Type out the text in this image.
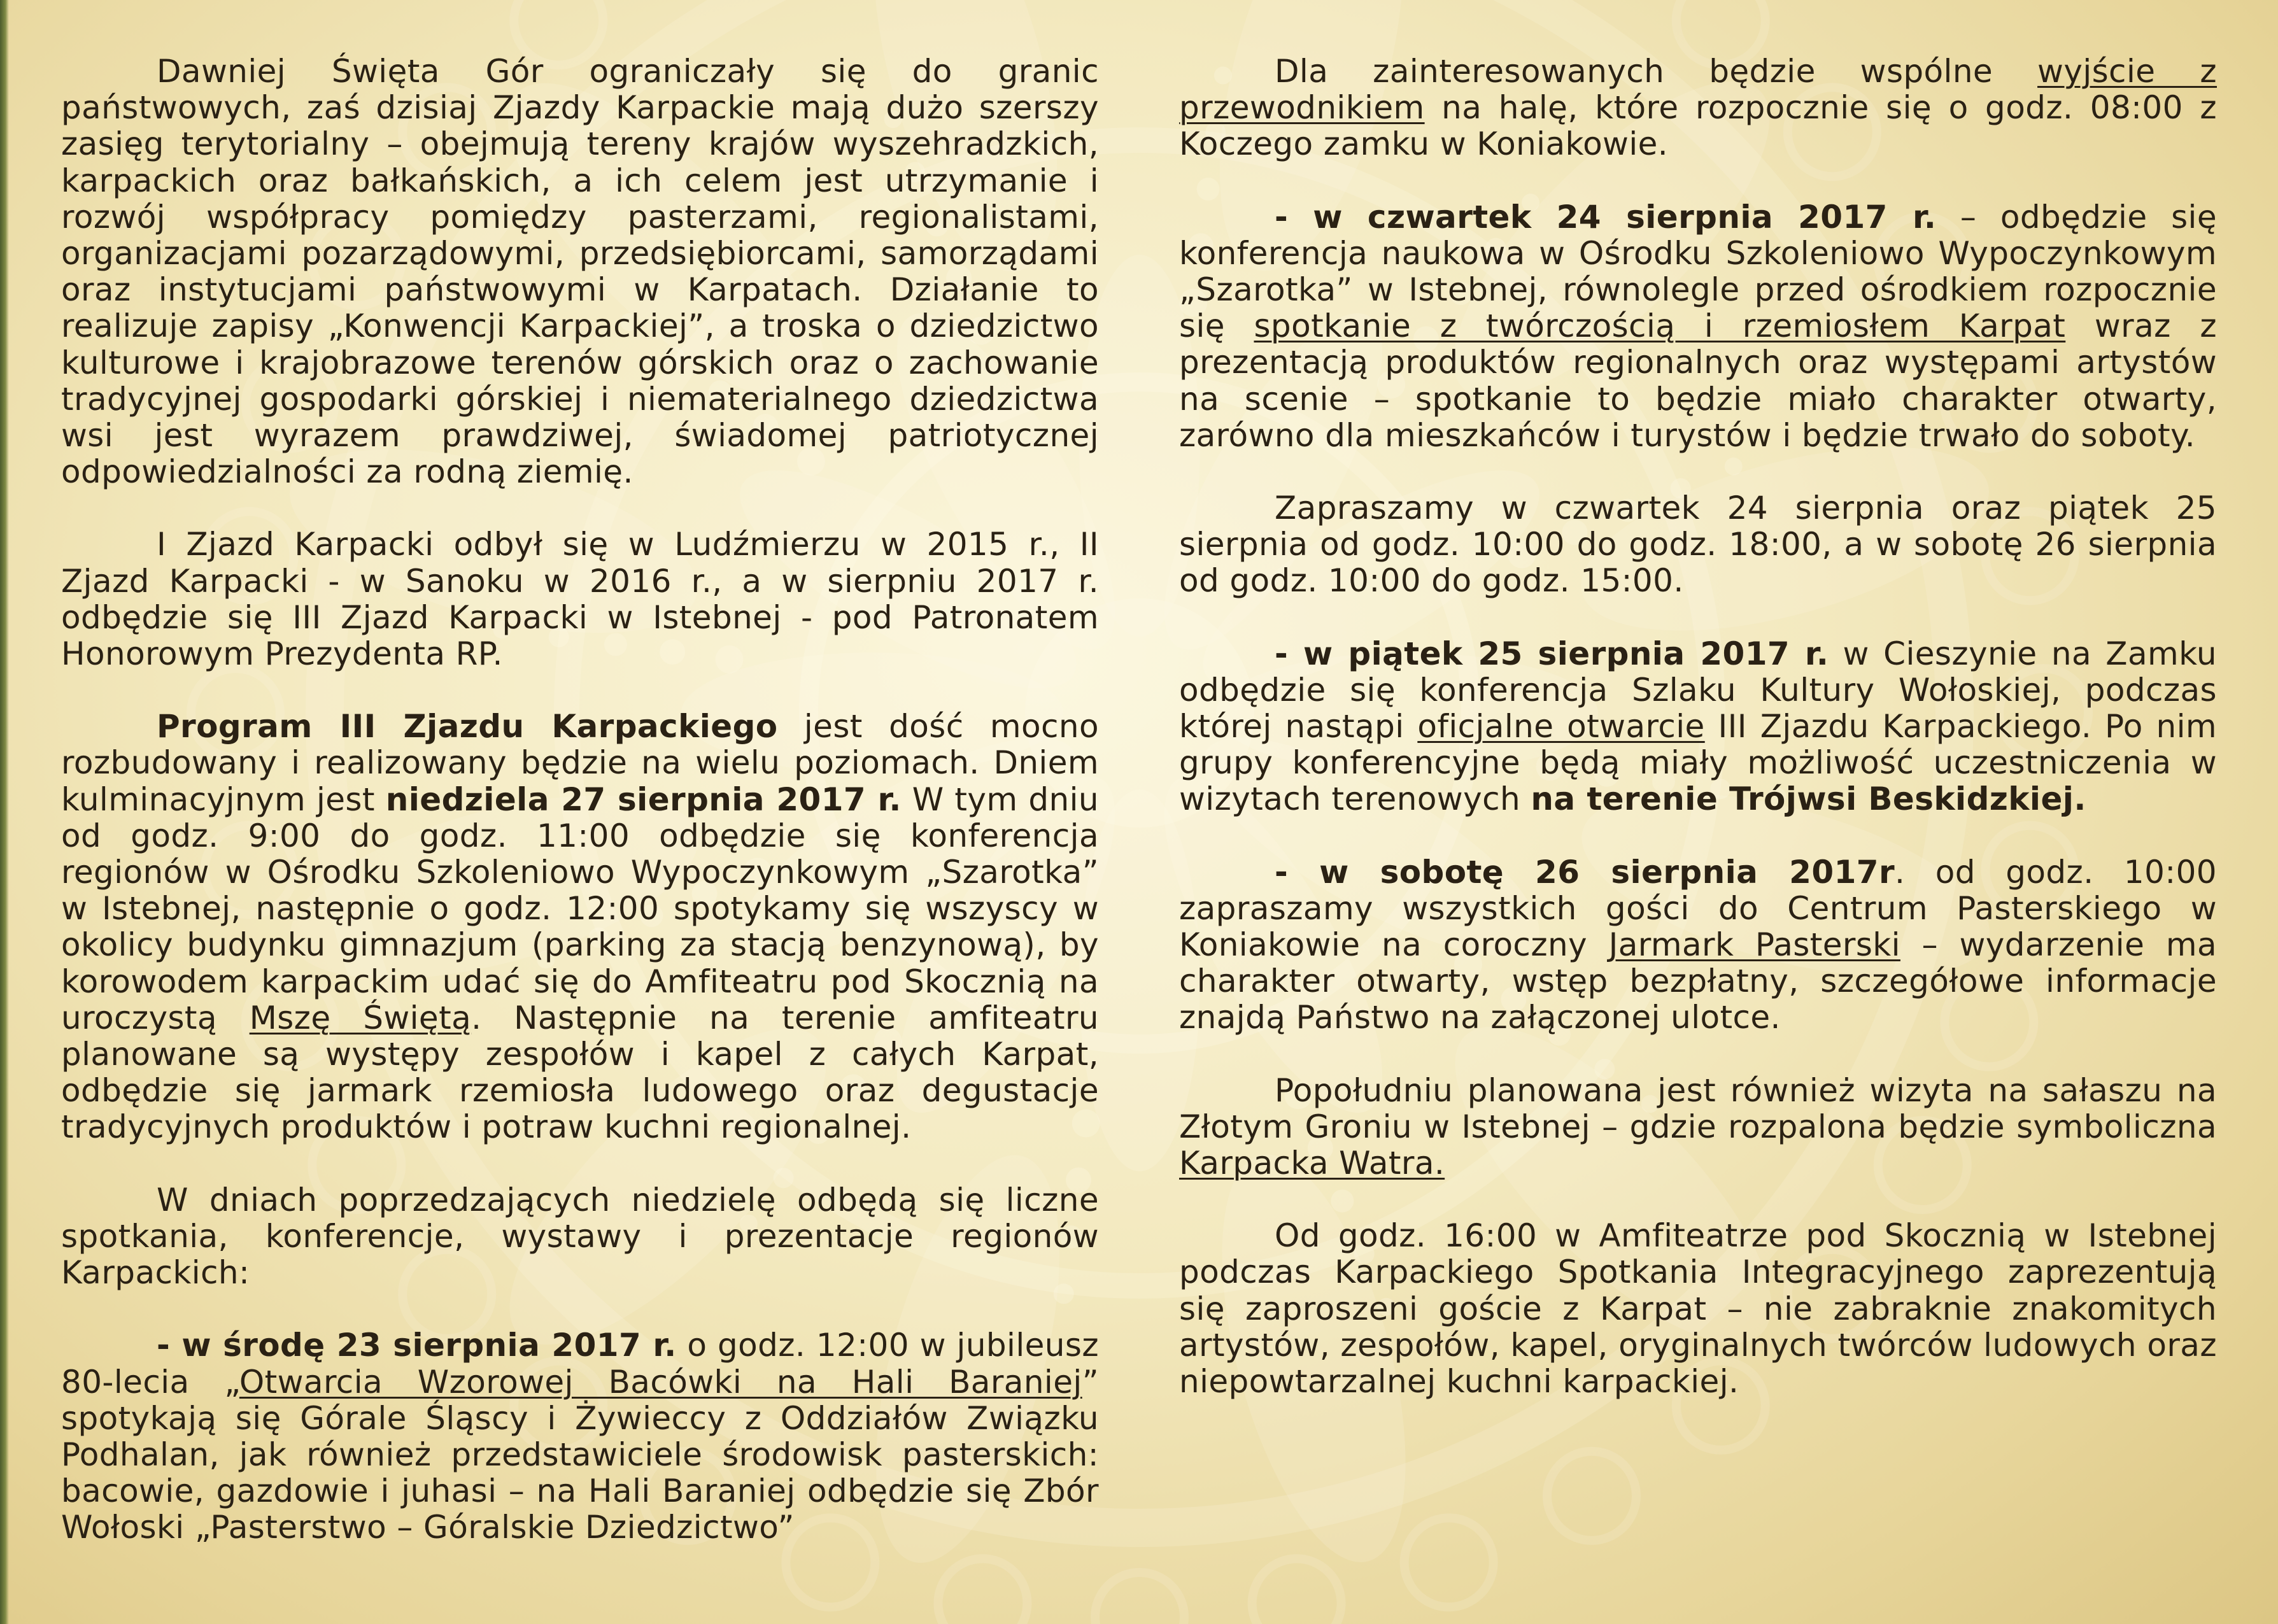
Dawniej Święta Gór ograniczały się do granic państwowych, zaś dzisiaj Zjazdy Karpackie mają dużo szerszy zasięg terytorialny – obejmują tereny krajów wyszehradzkich, karpackich oraz bałkańskich, a ich celem jest utrzymanie i rozwój współpracy pomiędzy pasterzami, regionalistami, organizacjami pozarządowymi, przedsiębiorcami, samorządami oraz instytucjami państwowymi w Karpatach. Działanie to realizuje zapisy „Konwencji Karpackiej”, a troska o dziedzictwo kulturowe i krajobrazowe terenów górskich oraz o zachowanie tradycyjnej gospodarki górskiej i niematerialnego dziedzictwa wsi jest wyrazem prawdziwej, świadomej patriotycznej odpowiedzialności za rodną ziemię.

I Zjazd Karpacki odbył się w Ludźmierzu w 2015 r., II Zjazd Karpacki - w Sanoku w 2016 r., a w sierpniu 2017 r. odbędzie się III Zjazd Karpacki w Istebnej - pod Patronatem Honorowym Prezydenta RP.

Program III Zjazdu Karpackiego jest dość mocno rozbudowany i realizowany będzie na wielu poziomach. Dniem kulminacyjnym jest niedziela 27 sierpnia 2017 r. W tym dniu od godz. 9:00 do godz. 11:00 odbędzie się konferencja regionów w Ośrodku Szkoleniowo Wypoczynkowym „Szarotka” w Istebnej, następnie o godz. 12:00 spotykamy się wszyscy w okolicy budynku gimnazjum (parking za stacją benzynową), by korowodem karpackim udać się do Amfiteatru pod Skocznią na uroczystą Mszę Świętą. Następnie na terenie amfiteatru planowane są występy zespołów i kapel z całych Karpat, odbędzie się jarmark rzemiosła ludowego oraz degustacje tradycyjnych produktów i potraw kuchni regionalnej.

W dniach poprzedzających niedzielę odbędą się liczne spotkania, konferencje, wystawy i prezentacje regionów Karpackich:

- w środę 23 sierpnia 2017 r. o godz. 12:00 w jubileusz 80-lecia „Otwarcia Wzorowej Bacówki na Hali Baraniej” spotykają się Górale Śląscy i Żywieccy z Oddziałów Związku Podhalan, jak również przedstawiciele środowisk pasterskich: bacowie, gazdowie i juhasi – na Hali Baraniej odbędzie się Zbór Wołoski „Pasterstwo – Góralskie Dziedzictwo”

Dla zainteresowanych będzie wspólne wyjście z przewodnikiem na halę, które rozpocznie się o godz. 08:00 z Koczego zamku w Koniakowie.

- w czwartek 24 sierpnia 2017 r. – odbędzie się konferencja naukowa w Ośrodku Szkoleniowo Wypoczynkowym „Szarotka” w Istebnej, równolegle przed ośrodkiem rozpocznie się spotkanie z twórczością i rzemiosłem Karpat wraz z prezentacją produktów regionalnych oraz występami artystów na scenie – spotkanie to będzie miało charakter otwarty, zarówno dla mieszkańców i turystów i będzie trwało do soboty.

Zapraszamy w czwartek 24 sierpnia oraz piątek 25 sierpnia od godz. 10:00 do godz. 18:00, a w sobotę 26 sierpnia od godz. 10:00 do godz. 15:00.

- w piątek 25 sierpnia 2017 r. w Cieszynie na Zamku odbędzie się konferencja Szlaku Kultury Wołoskiej, podczas której nastąpi oficjalne otwarcie III Zjazdu Karpackiego. Po nim grupy konferencyjne będą miały możliwość uczestniczenia w wizytach terenowych na terenie Trójwsi Beskidzkiej.

- w sobotę 26 sierpnia 2017r. od godz. 10:00 zapraszamy wszystkich gości do Centrum Pasterskiego w Koniakowie na coroczny Jarmark Pasterski – wydarzenie ma charakter otwarty, wstęp bezpłatny, szczegółowe informacje znajdą Państwo na załączonej ulotce.

Popołudniu planowana jest również wizyta na sałaszu na Złotym Groniu w Istebnej – gdzie rozpalona będzie symboliczna Karpacka Watra.

Od godz. 16:00 w Amfiteatrze pod Skocznią w Istebnej podczas Karpackiego Spotkania Integracyjnego zaprezentują się zaproszeni goście z Karpat – nie zabraknie znakomitych artystów, zespołów, kapel, oryginalnych twórców ludowych oraz niepowtarzalnej kuchni karpackiej.
